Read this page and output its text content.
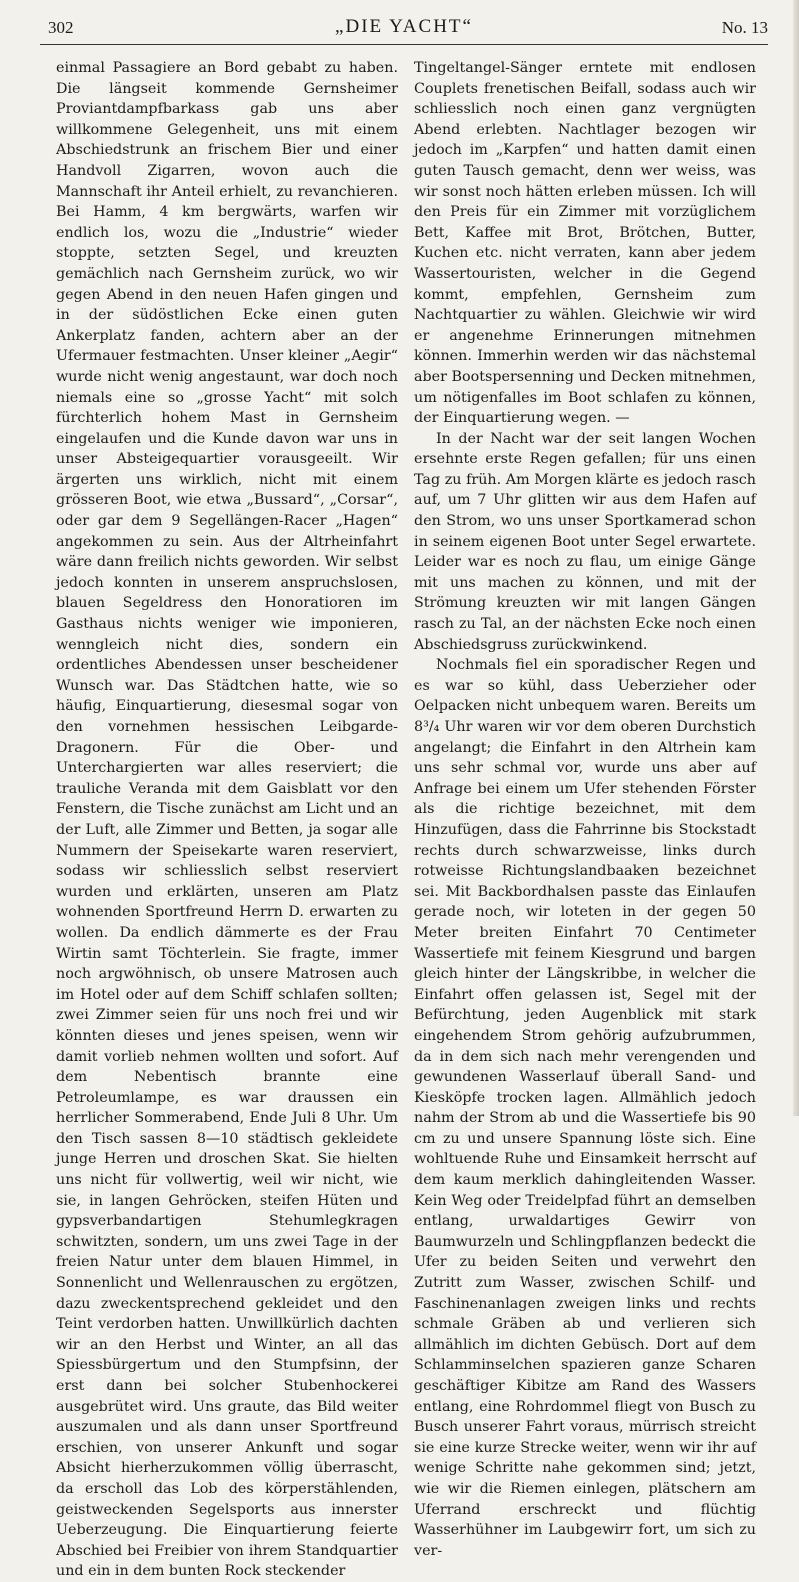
302	„DIE YACHT“	No. 13

einmal Passagiere an Bord gebabt zu haben. Die längseit kommende Gernsheimer Proviantdampfbarkass gab uns aber willkommene Gelegenheit, uns mit einem Abschiedstrunk an frischem Bier und einer Handvoll Zigarren, wovon auch die Mannschaft ihr Anteil erhielt, zu revanchieren. Bei Hamm, 4 km bergwärts, warfen wir endlich los, wozu die „Industrie“ wieder stoppte, setzten Segel, und kreuzten gemächlich nach Gernsheim zurück, wo wir gegen Abend in den neuen Hafen gingen und in der südöstlichen Ecke einen guten Ankerplatz fanden, achtern aber an der Ufermauer festmachten. Unser kleiner „Aegir“ wurde nicht wenig angestaunt, war doch noch niemals eine so „grosse Yacht“ mit solch fürchterlich hohem Mast in Gernsheim eingelaufen und die Kunde davon war uns in unser Absteigequartier vorausgeeilt. Wir ärgerten uns wirklich, nicht mit einem grösseren Boot, wie etwa „Bussard“, „Corsar“, oder gar dem 9 Segellängen-Racer „Hagen“ angekommen zu sein. Aus der Altrheinfahrt wäre dann freilich nichts geworden. Wir selbst jedoch konnten in unserem anspruchslosen, blauen Segeldress den Honoratioren im Gasthaus nichts weniger wie imponieren, wenngleich nicht dies, sondern ein ordentliches Abendessen unser bescheidener Wunsch war. Das Städtchen hatte, wie so häufig, Einquartierung, diesesmal sogar von den vornehmen hessischen Leibgarde-Dragonern. Für die Ober- und Unterchargierten war alles reserviert; die trauliche Veranda mit dem Gaisblatt vor den Fenstern, die Tische zunächst am Licht und an der Luft, alle Zimmer und Betten, ja sogar alle Nummern der Speisekarte waren reserviert, sodass wir schliesslich selbst reserviert wurden und erklärten, unseren am Platz wohnenden Sportfreund Herrn D. erwarten zu wollen. Da endlich dämmerte es der Frau Wirtin samt Töchterlein. Sie fragte, immer noch argwöhnisch, ob unsere Matrosen auch im Hotel oder auf dem Schiff schlafen sollten; zwei Zimmer seien für uns noch frei und wir könnten dieses und jenes speisen, wenn wir damit vorlieb nehmen wollten und sofort. Auf dem Nebentisch brannte eine Petroleumlampe, es war draussen ein herrlicher Sommerabend, Ende Juli 8 Uhr. Um den Tisch sassen 8—10 städtisch gekleidete junge Herren und droschen Skat. Sie hielten uns nicht für vollwertig, weil wir nicht, wie sie, in langen Gehröcken, steifen Hüten und gypsverbandartigen Stehumlegkragen schwitzten, sondern, um uns zwei Tage in der freien Natur unter dem blauen Himmel, in Sonnenlicht und Wellenrauschen zu ergötzen, dazu zweckentsprechend gekleidet und den Teint verdorben hatten. Unwillkürlich dachten wir an den Herbst und Winter, an all das Spiessbürgertum und den Stumpfsinn, der erst dann bei solcher Stubenhockerei ausgebrütet wird. Uns graute, das Bild weiter auszumalen und als dann unser Sportfreund erschien, von unserer Ankunft und sogar Absicht hierherzukommen völlig überrascht, da erscholl das Lob des körperstählenden, geistweckenden Segelsports aus innerster Ueberzeugung. Die Einquartierung feierte Abschied bei Freibier von ihrem Standquartier und ein in dem bunten Rock steckender

Tingeltangel-Sänger erntete mit endlosen Couplets frenetischen Beifall, sodass auch wir schliesslich noch einen ganz vergnügten Abend erlebten. Nachtlager bezogen wir jedoch im „Karpfen“ und hatten damit einen guten Tausch gemacht, denn wer weiss, was wir sonst noch hätten erleben müssen. Ich will den Preis für ein Zimmer mit vorzüglichem Bett, Kaffee mit Brot, Brötchen, Butter, Kuchen etc. nicht verraten, kann aber jedem Wassertouristen, welcher in die Gegend kommt, empfehlen, Gernsheim zum Nachtquartier zu wählen. Gleichwie wir wird er angenehme Erinnerungen mitnehmen können. Immerhin werden wir das nächstemal aber Bootspersenning und Decken mitnehmen, um nötigenfalles im Boot schlafen zu können, der Einquartierung wegen. —

In der Nacht war der seit langen Wochen ersehnte erste Regen gefallen; für uns einen Tag zu früh. Am Morgen klärte es jedoch rasch auf, um 7 Uhr glitten wir aus dem Hafen auf den Strom, wo uns unser Sportkamerad schon in seinem eigenen Boot unter Segel erwartete. Leider war es noch zu flau, um einige Gänge mit uns machen zu können, und mit der Strömung kreuzten wir mit langen Gängen rasch zu Tal, an der nächsten Ecke noch einen Abschiedsgruss zurückwinkend.

Nochmals fiel ein sporadischer Regen und es war so kühl, dass Ueberzieher oder Oelpacken nicht unbequem waren. Bereits um 8³/₄ Uhr waren wir vor dem oberen Durchstich angelangt; die Einfahrt in den Altrhein kam uns sehr schmal vor, wurde uns aber auf Anfrage bei einem um Ufer stehenden Förster als die richtige bezeichnet, mit dem Hinzufügen, dass die Fahrrinne bis Stockstadt rechts durch schwarzweisse, links durch rotweisse Richtungslandbaaken bezeichnet sei. Mit Backbordhalsen passte das Einlaufen gerade noch, wir loteten in der gegen 50 Meter breiten Einfahrt 70 Centimeter Wassertiefe mit feinem Kiesgrund und bargen gleich hinter der Längskribbe, in welcher die Einfahrt offen gelassen ist, Segel mit der Befürchtung, jeden Augenblick mit stark eingehendem Strom gehörig aufzubrummen, da in dem sich nach mehr verengenden und gewundenen Wasserlauf überall Sand- und Kiesköpfe trocken lagen. Allmählich jedoch nahm der Strom ab und die Wassertiefe bis 90 cm zu und unsere Spannung löste sich. Eine wohltuende Ruhe und Einsamkeit herrscht auf dem kaum merklich dahingleitenden Wasser. Kein Weg oder Treidelpfad führt an demselben entlang, urwaldartiges Gewirr von Baumwurzeln und Schlingpflanzen bedeckt die Ufer zu beiden Seiten und verwehrt den Zutritt zum Wasser, zwischen Schilf- und Faschinenanlagen zweigen links und rechts schmale Gräben ab und verlieren sich allmählich im dichten Gebüsch. Dort auf dem Schlamminselchen spazieren ganze Scharen geschäftiger Kibitze am Rand des Wassers entlang, eine Rohrdommel fliegt von Busch zu Busch unserer Fahrt voraus, mürrisch streicht sie eine kurze Strecke weiter, wenn wir ihr auf wenige Schritte nahe gekommen sind; jetzt, wie wir die Riemen einlegen, plätschern am Uferrand erschreckt und flüchtig Wasserhühner im Laubgewirr fort, um sich zu ver-
